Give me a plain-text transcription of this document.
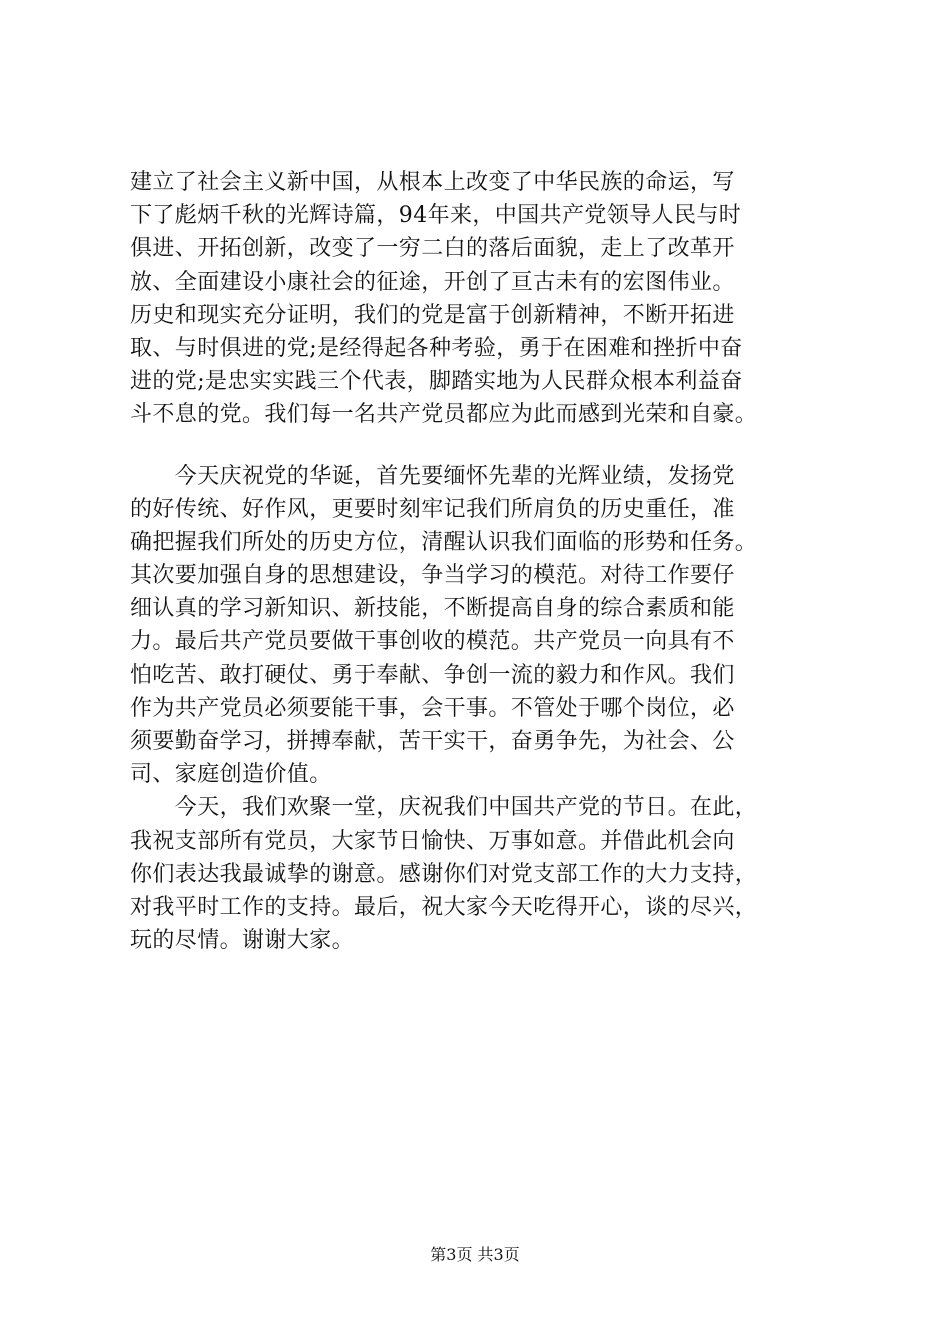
建立了社会主义新中国，从根本上改变了中华民族的命运，写
下了彪炳千秋的光辉诗篇，94年来，中国共产党领导人民与时
俱进、开拓创新，改变了一穷二白的落后面貌，走上了改革开
放、全面建设小康社会的征途，开创了亘古未有的宏图伟业。
历史和现实充分证明，我们的党是富于创新精神，不断开拓进
取、与时俱进的党;是经得起各种考验，勇于在困难和挫折中奋
进的党;是忠实实践三个代表，脚踏实地为人民群众根本利益奋
斗不息的党。我们每一名共产党员都应为此而感到光荣和自豪。
　　今天庆祝党的华诞，首先要缅怀先辈的光辉业绩，发扬党
的好传统、好作风，更要时刻牢记我们所肩负的历史重任，准
确把握我们所处的历史方位，清醒认识我们面临的形势和任务。
其次要加强自身的思想建设，争当学习的模范。对待工作要仔
细认真的学习新知识、新技能，不断提高自身的综合素质和能
力。最后共产党员要做干事创收的模范。共产党员一向具有不
怕吃苦、敢打硬仗、勇于奉献、争创一流的毅力和作风。我们
作为共产党员必须要能干事，会干事。不管处于哪个岗位，必
须要勤奋学习，拼搏奉献，苦干实干，奋勇争先，为社会、公
司、家庭创造价值。
　　今天，我们欢聚一堂，庆祝我们中国共产党的节日。在此，
我祝支部所有党员，大家节日愉快、万事如意。并借此机会向
你们表达我最诚挚的谢意。感谢你们对党支部工作的大力支持，
对我平时工作的支持。最后，祝大家今天吃得开心，谈的尽兴，
玩的尽情。谢谢大家。
第3页 共3页
